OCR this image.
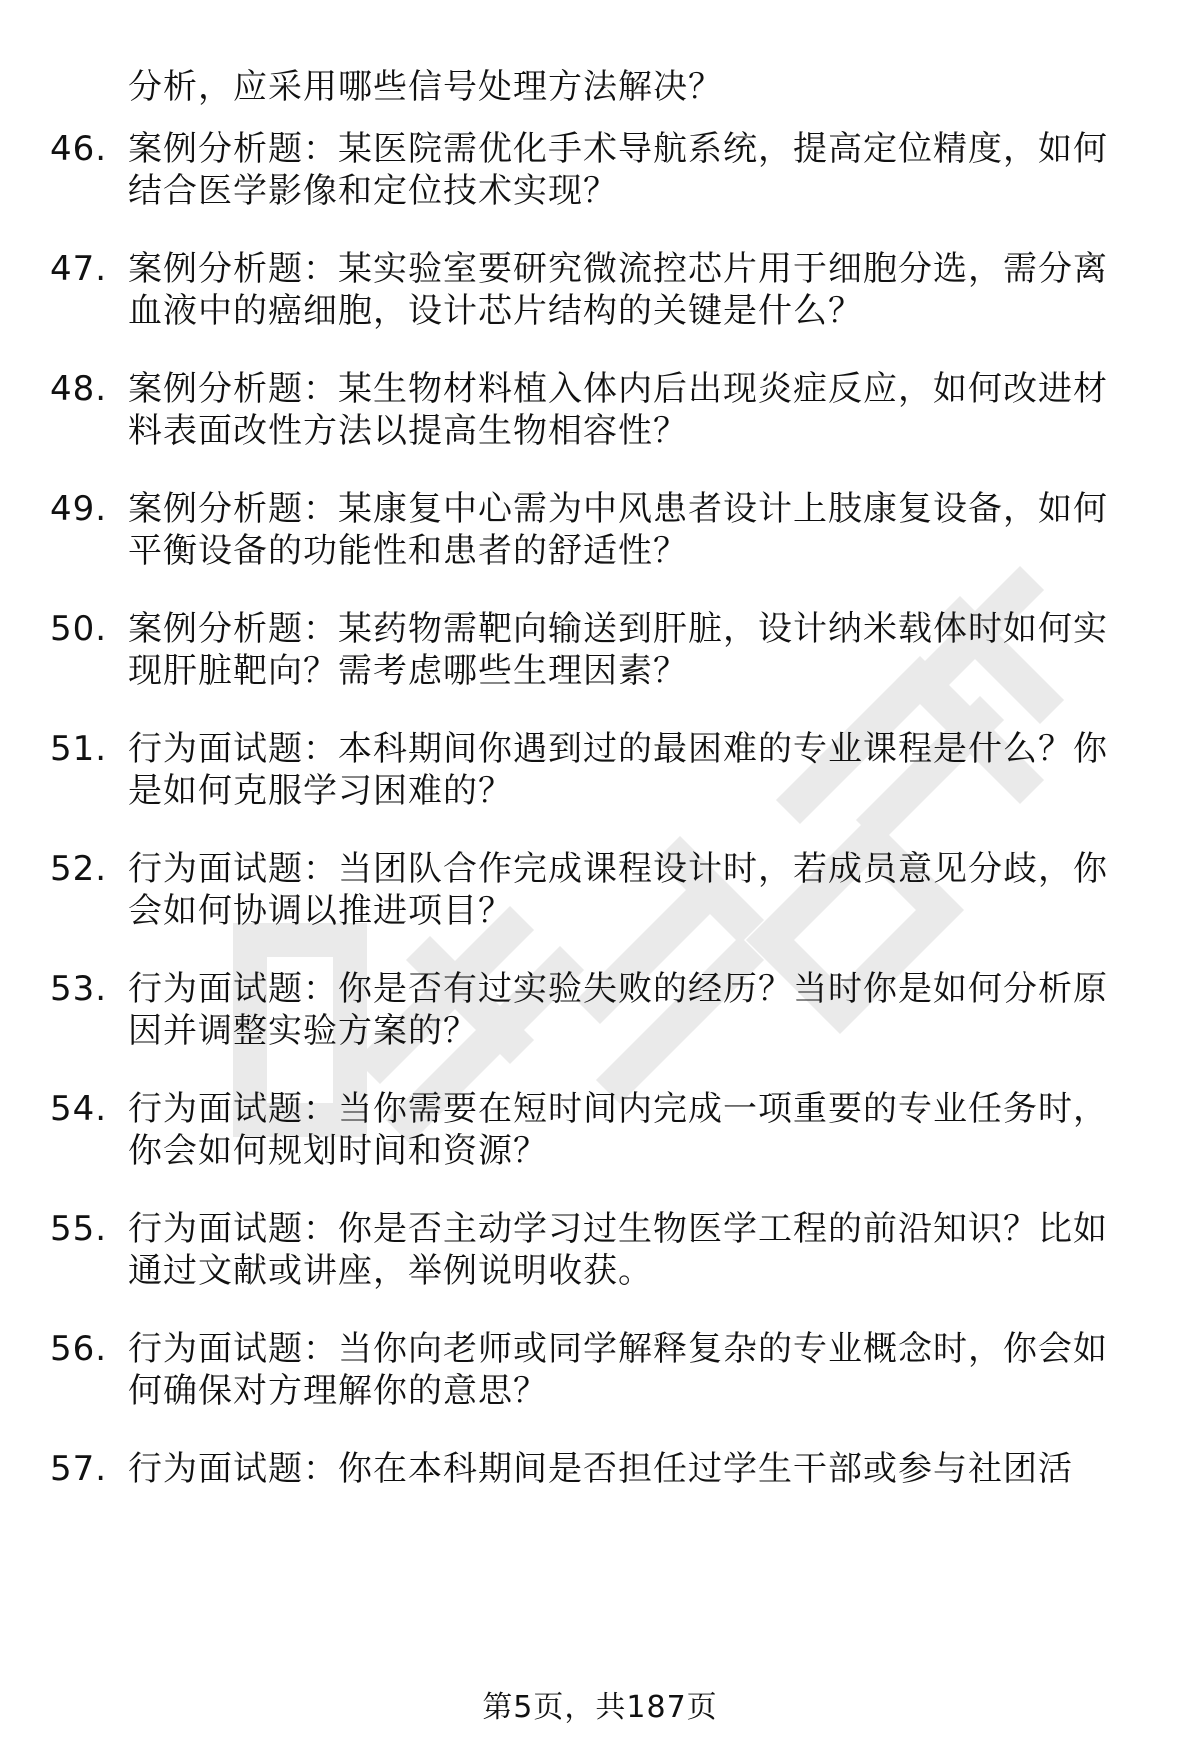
分析，应采用哪些信号处理方法解决？
46. 案例分析题：某医院需优化手术导航系统，提高定位精度，如何
结合医学影像和定位技术实现？
47. 案例分析题：某实验室要研究微流控芯片用于细胞分选，需分离
血液中的癌细胞，设计芯片结构的关键是什么？
48. 案例分析题：某生物材料植入体内后出现炎症反应，如何改进材
料表面改性方法以提高生物相容性？
49. 案例分析题：某康复中心需为中风患者设计上肢康复设备，如何
平衡设备的功能性和患者的舒适性？
50. 案例分析题：某药物需靶向输送到肝脏，设计纳米载体时如何实
现肝脏靶向？需考虑哪些生理因素？
51. 行为面试题：本科期间你遇到过的最困难的专业课程是什么？你
是如何克服学习困难的？
52. 行为面试题：当团队合作完成课程设计时，若成员意见分歧，你
会如何协调以推进项目？
53. 行为面试题：你是否有过实验失败的经历？当时你是如何分析原
因并调整实验方案的？
54. 行为面试题：当你需要在短时间内完成一项重要的专业任务时，
你会如何规划时间和资源？
55. 行为面试题：你是否主动学习过生物医学工程的前沿知识？比如
通过文献或讲座，举例说明收获。
56. 行为面试题：当你向老师或同学解释复杂的专业概念时，你会如
何确保对方理解你的意思？
57. 行为面试题：你在本科期间是否担任过学生干部或参与社团活
第5页，共187页
